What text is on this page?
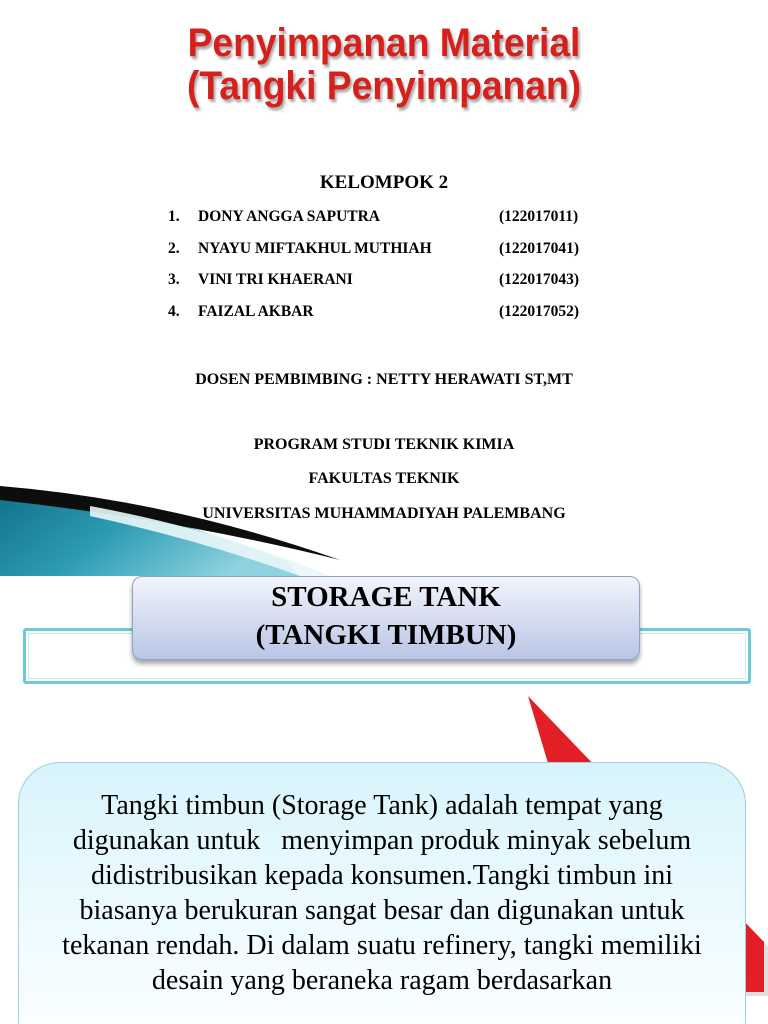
Penyimpanan Material
(Tangki Penyimpanan)
KELOMPOK 2
1. DONY ANGGA SAPUTRA	(122017011)
2. NYAYU MIFTAKHUL MUTHIAH	(122017041)
3. VINI TRI KHAERANI	(122017043)
4. FAIZAL AKBAR	(122017052)
DOSEN PEMBIMBING : NETTY HERAWATI ST,MT
PROGRAM STUDI TEKNIK KIMIA
FAKULTAS TEKNIK
UNIVERSITAS MUHAMMADIYAH PALEMBANG
STORAGE TANK
(TANGKI TIMBUN)
Tangki timbun (Storage Tank) adalah tempat yang digunakan untuk   menyimpan produk minyak sebelum didistribusikan kepada konsumen.Tangki timbun ini biasanya berukuran sangat besar dan digunakan untuk tekanan rendah. Di dalam suatu refinery, tangki memiliki desain yang beraneka ragam berdasarkan
